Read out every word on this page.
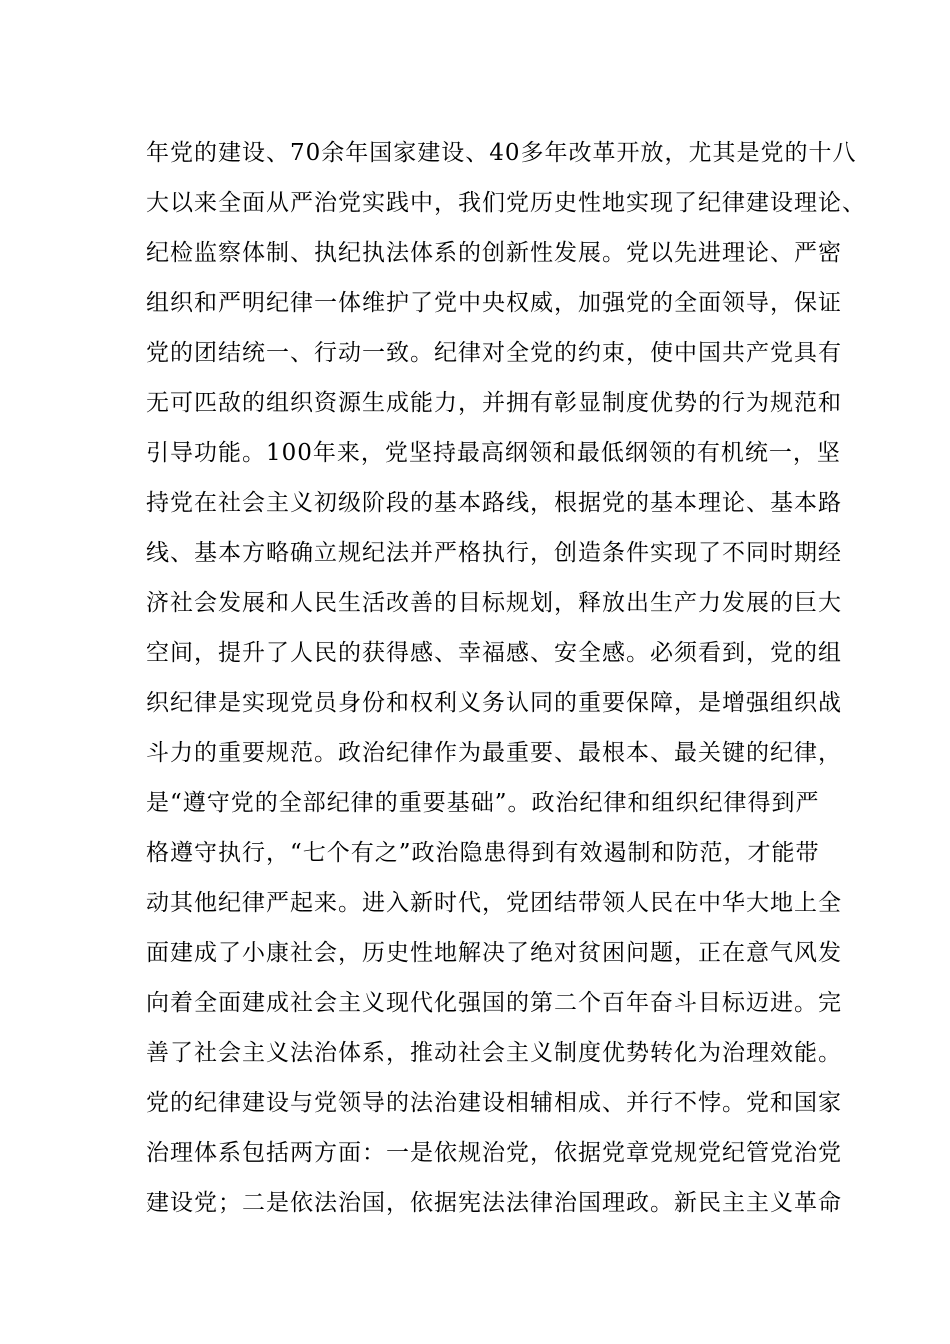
年党的建设、70余年国家建设、40多年改革开放，尤其是党的十八
大以来全面从严治党实践中，我们党历史性地实现了纪律建设理论、
纪检监察体制、执纪执法体系的创新性发展。党以先进理论、严密
组织和严明纪律一体维护了党中央权威，加强党的全面领导，保证
党的团结统一、行动一致。纪律对全党的约束，使中国共产党具有
无可匹敌的组织资源生成能力，并拥有彰显制度优势的行为规范和
引导功能。100年来，党坚持最高纲领和最低纲领的有机统一，坚
持党在社会主义初级阶段的基本路线，根据党的基本理论、基本路
线、基本方略确立规纪法并严格执行，创造条件实现了不同时期经
济社会发展和人民生活改善的目标规划，释放出生产力发展的巨大
空间，提升了人民的获得感、幸福感、安全感。必须看到，党的组
织纪律是实现党员身份和权利义务认同的重要保障，是增强组织战
斗力的重要规范。政治纪律作为最重要、最根本、最关键的纪律，
是“遵守党的全部纪律的重要基础”。政治纪律和组织纪律得到严
格遵守执行，“七个有之”政治隐患得到有效遏制和防范，才能带
动其他纪律严起来。进入新时代，党团结带领人民在中华大地上全
面建成了小康社会，历史性地解决了绝对贫困问题，正在意气风发
向着全面建成社会主义现代化强国的第二个百年奋斗目标迈进。完
善了社会主义法治体系，推动社会主义制度优势转化为治理效能。
党的纪律建设与党领导的法治建设相辅相成、并行不悖。党和国家
治理体系包括两方面：一是依规治党，依据党章党规党纪管党治党
建设党；二是依法治国，依据宪法法律治国理政。新民主主义革命
